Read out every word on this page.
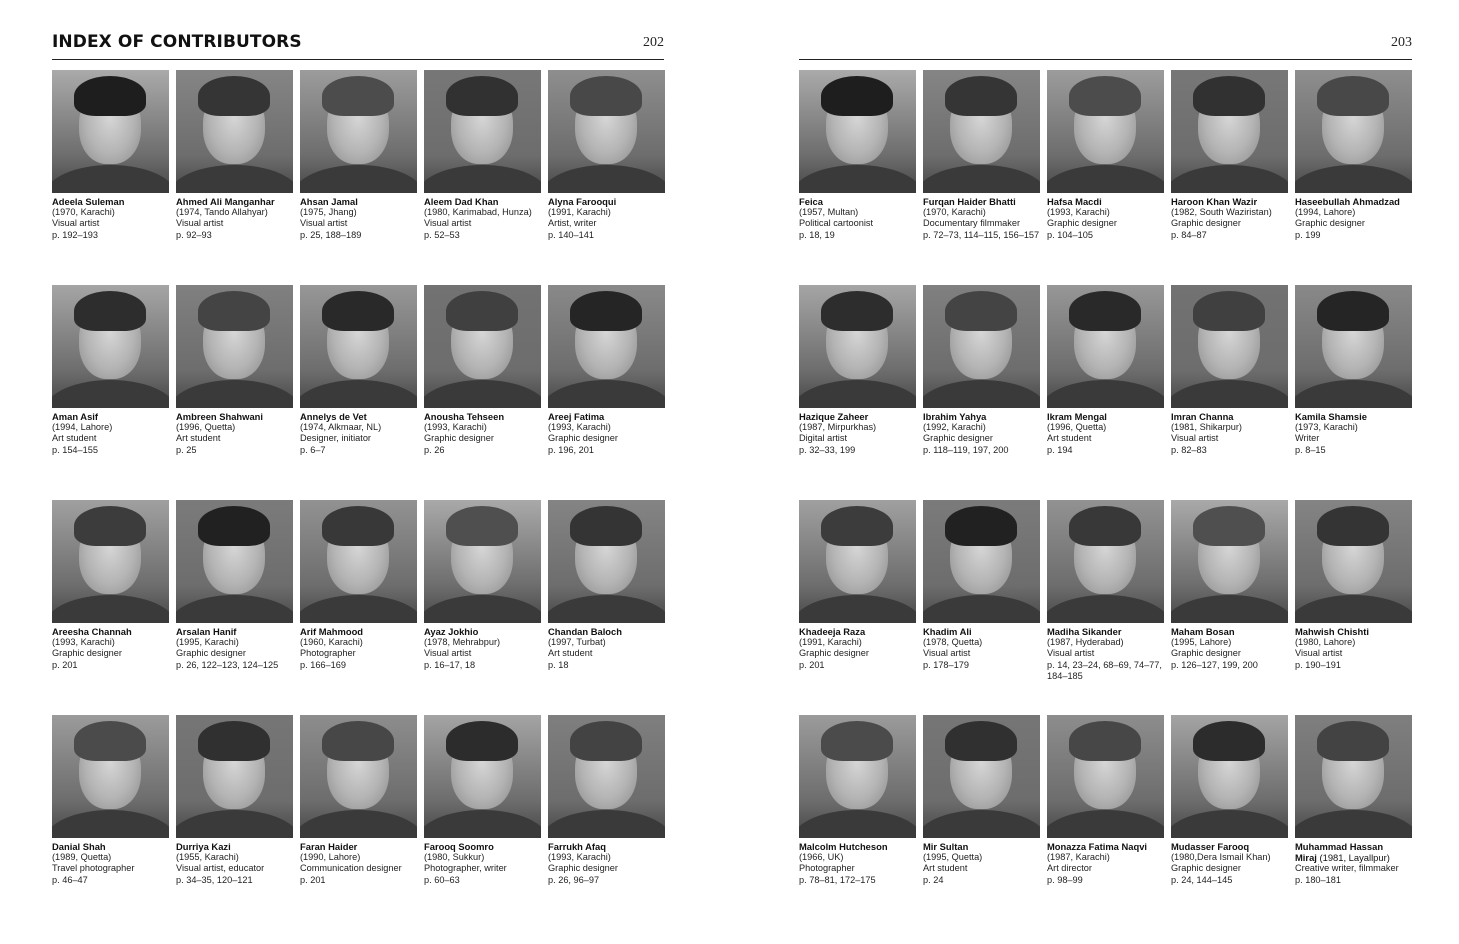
INDEX OF CONTRIBUTORS	202
Adeela Suleman
(1970, Karachi)
Visual artist
p. 192–193
Ahmed Ali Manganhar
(1974, Tando Allahyar)
Visual artist
p. 92–93
Ahsan Jamal
(1975, Jhang)
Visual artist
p. 25, 188–189
Aleem Dad Khan
(1980, Karimabad, Hunza)
Visual artist
p. 52–53
Alyna Farooqui
(1991, Karachi)
Artist, writer
p. 140–141
Aman Asif
(1994, Lahore)
Art student
p. 154–155
Ambreen Shahwani
(1996, Quetta)
Art student
p. 25
Annelys de Vet
(1974, Alkmaar, NL)
Designer, initiator
p. 6–7
Anousha Tehseen
(1993, Karachi)
Graphic designer
p. 26
Areej Fatima
(1993, Karachi)
Graphic designer
p. 196, 201
Areesha Channah
(1993, Karachi)
Graphic designer
p. 201
Arsalan Hanif
(1995, Karachi)
Graphic designer
p. 26, 122–123, 124–125
Arif Mahmood
(1960, Karachi)
Photographer
p. 166–169
Ayaz Jokhio
(1978, Mehrabpur)
Visual artist
p. 16–17, 18
Chandan Baloch
(1997, Turbat)
Art student
p. 18
Danial Shah
(1989, Quetta)
Travel photographer
p. 46–47
Durriya Kazi
(1955, Karachi)
Visual artist, educator
p. 34–35, 120–121
Faran Haider
(1990, Lahore)
Communication designer
p. 201
Farooq Soomro
(1980, Sukkur)
Photographer, writer
p. 60–63
Farrukh Afaq
(1993, Karachi)
Graphic designer
p. 26, 96–97
203
Feica
(1957, Multan)
Political cartoonist
p. 18, 19
Furqan Haider Bhatti
(1970, Karachi)
Documentary filmmaker
p. 72–73, 114–115, 156–157
Hafsa Macdi
(1993, Karachi)
Graphic designer
p. 104–105
Haroon Khan Wazir
(1982, South Waziristan)
Graphic designer
p. 84–87
Haseebullah Ahmadzad
(1994, Lahore)
Graphic designer
p. 199
Hazique Zaheer
(1987, Mirpurkhas)
Digital artist
p. 32–33, 199
Ibrahim Yahya
(1992, Karachi)
Graphic designer
p. 118–119, 197, 200
Ikram Mengal
(1996, Quetta)
Art student
p. 194
Imran Channa
(1981, Shikarpur)
Visual artist
p. 82–83
Kamila Shamsie
(1973, Karachi)
Writer
p. 8–15
Khadeeja Raza
(1991, Karachi)
Graphic designer
p. 201
Khadim Ali
(1978, Quetta)
Visual artist
p. 178–179
Madiha Sikander
(1987, Hyderabad)
Visual artist
p. 14, 23–24, 68–69, 74–77, 184–185
Maham Bosan
(1995, Lahore)
Graphic designer
p. 126–127, 199, 200
Mahwish Chishti
(1980, Lahore)
Visual artist
p. 190–191
Malcolm Hutcheson
(1966, UK)
Photographer
p. 78–81, 172–175
Mir Sultan
(1995, Quetta)
Art student
p. 24
Monazza Fatima Naqvi
(1987, Karachi)
Art director
p. 98–99
Mudasser Farooq
(1980,Dera Ismail Khan)
Graphic designer
p. 24, 144–145
Muhammad Hassan
Miraj (1981, Layallpur)
Creative writer, filmmaker
p. 180–181
